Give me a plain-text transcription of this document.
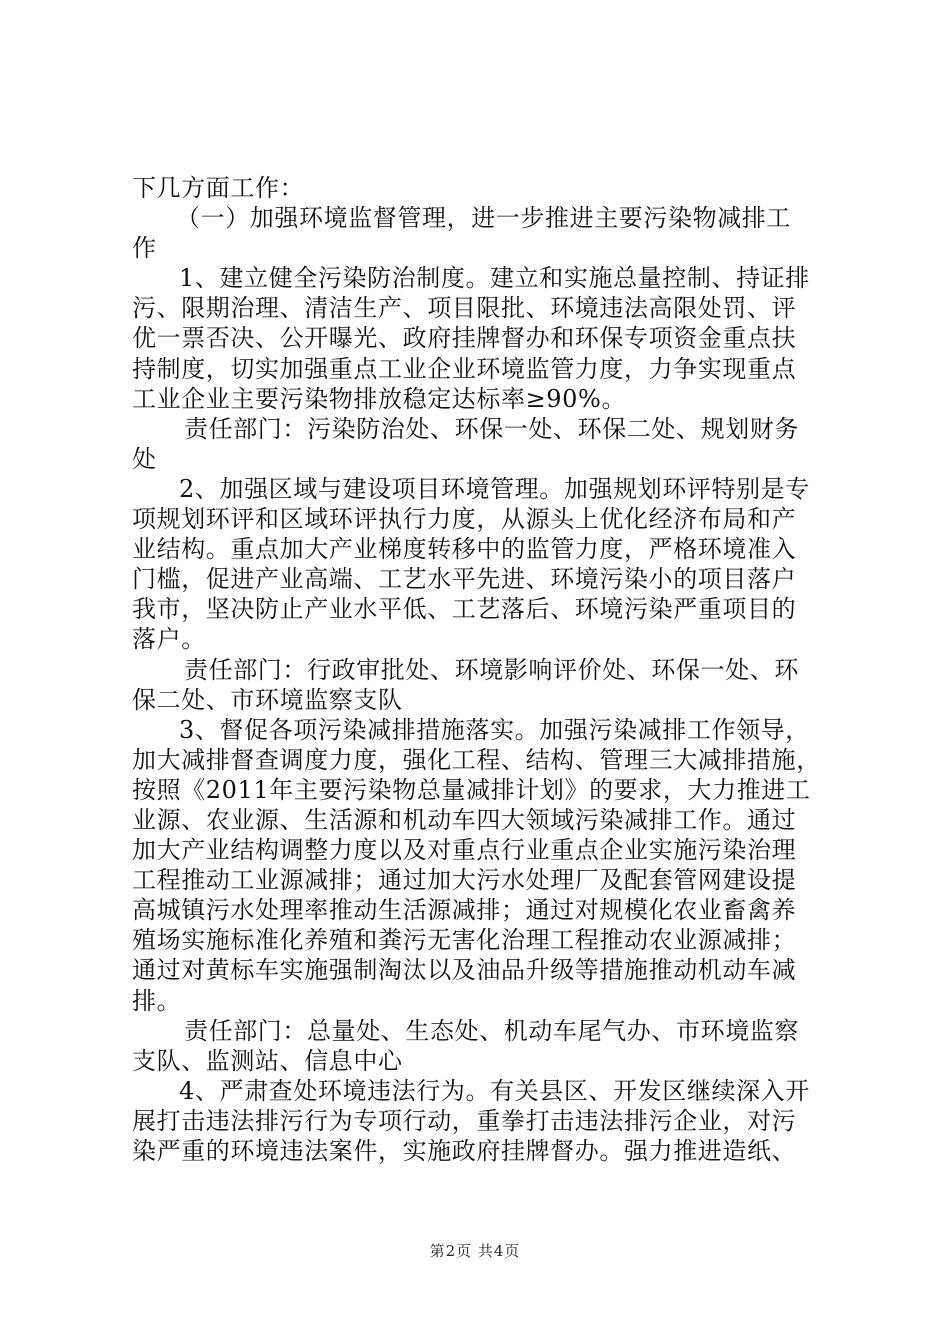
下几方面工作：
（一）加强环境监督管理，进一步推进主要污染物减排工
作
1、建立健全污染防治制度。建立和实施总量控制、持证排
污、限期治理、清洁生产、项目限批、环境违法高限处罚、评
优一票否决、公开曝光、政府挂牌督办和环保专项资金重点扶
持制度，切实加强重点工业企业环境监管力度，力争实现重点
工业企业主要污染物排放稳定达标率≥90%。
责任部门：污染防治处、环保一处、环保二处、规划财务
处
2、加强区域与建设项目环境管理。加强规划环评特别是专
项规划环评和区域环评执行力度，从源头上优化经济布局和产
业结构。重点加大产业梯度转移中的监管力度，严格环境准入
门槛，促进产业高端、工艺水平先进、环境污染小的项目落户
我市，坚决防止产业水平低、工艺落后、环境污染严重项目的
落户。
责任部门：行政审批处、环境影响评价处、环保一处、环
保二处、市环境监察支队
3、督促各项污染减排措施落实。加强污染减排工作领导，
加大减排督查调度力度，强化工程、结构、管理三大减排措施，
按照《2011年主要污染物总量减排计划》的要求，大力推进工
业源、农业源、生活源和机动车四大领域污染减排工作。通过
加大产业结构调整力度以及对重点行业重点企业实施污染治理
工程推动工业源减排；通过加大污水处理厂及配套管网建设提
高城镇污水处理率推动生活源减排；通过对规模化农业畜禽养
殖场实施标准化养殖和粪污无害化治理工程推动农业源减排；
通过对黄标车实施强制淘汰以及油品升级等措施推动机动车减
排。
责任部门：总量处、生态处、机动车尾气办、市环境监察
支队、监测站、信息中心
4、严肃查处环境违法行为。有关县区、开发区继续深入开
展打击违法排污行为专项行动，重拳打击违法排污企业，对污
染严重的环境违法案件，实施政府挂牌督办。强力推进造纸、
第2页 共4页
